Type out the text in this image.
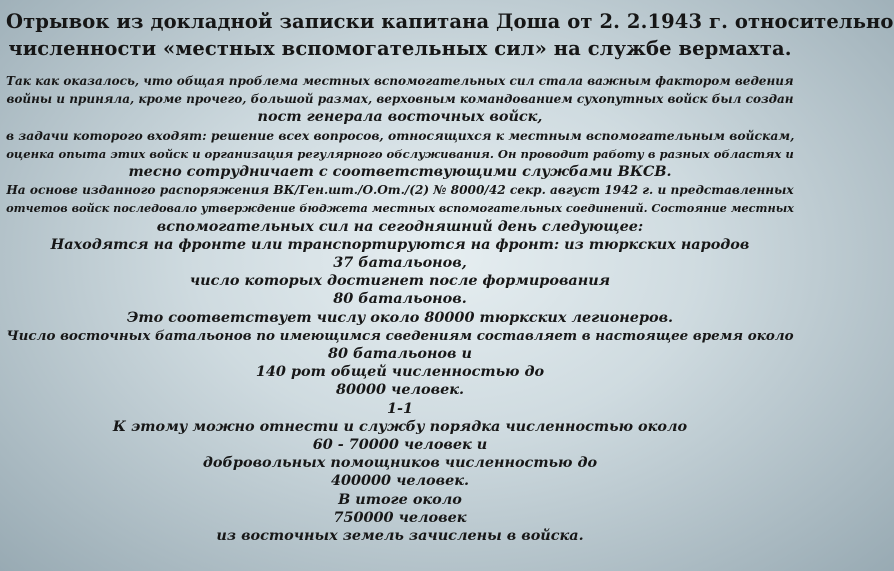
Отрывок из докладной записки капитана Доша от 2. 2.1943 г. относительно
численности «местных вспомогательных сил» на службе вермахта.
Так как оказалось, что общая проблема местных вспомогательных сил стала важным фактором ведения
войны и приняла, кроме прочего, большой размах, верховным командованием сухопутных войск был создан
пост генерала восточных войск,
в задачи которого входят: решение всех вопросов, относящихся к местным вспомогательным войскам,
оценка опыта этих войск и организация регулярного обслуживания. Он проводит работу в разных областях и
тесно сотрудничает с соответствующими службами ВКСВ.
На основе изданного распоряжения ВК/Ген.шт./О.От./(2) № 8000/42 секр. август 1942 г. и представленных
отчетов войск последовало утверждение бюджета местных вспомогательных соединений. Состояние местных
вспомогательных сил на сегодняшний день следующее:
Находятся на фронте или транспортируются на фронт: из тюркских народов
37 батальонов,
число которых достигнет после формирования
80 батальонов.
Это соответствует числу около 80000 тюркских легионеров.
Число восточных батальонов по имеющимся сведениям составляет в настоящее время около
80 батальонов и
140 рот общей численностью до
80000 человек.
1-1
К этому можно отнести и службу порядка численностью около
60 - 70000 человек и
добровольных помощников численностью до
400000 человек.
В итоге около
750000 человек
из восточных земель зачислены в войска.
